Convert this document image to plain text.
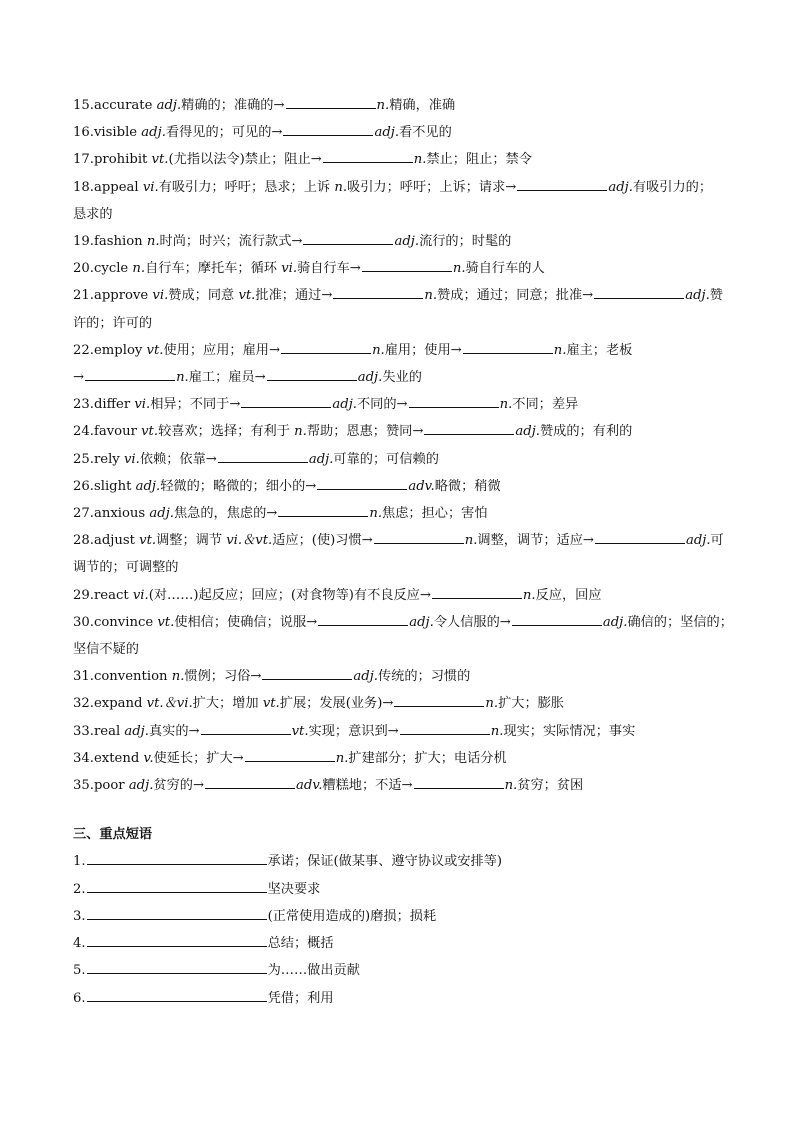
15.accurate adj.精确的；准确的→	n.精确，准确
16.visible adj.看得见的；可见的→	adj.看不见的
17.prohibit vt.(尤指以法令)禁止；阻止→	n.禁止；阻止；禁令
18.appeal vi.有吸引力；呼吁；恳求；上诉 n.吸引力；呼吁；上诉；请求→	adj.有吸引力的；
恳求的
19.fashion n.时尚；时兴；流行款式→	adj.流行的；时髦的
20.cycle n.自行车；摩托车；循环 vi.骑自行车→	n.骑自行车的人
21.approve vi.赞成；同意 vt.批准；通过→	n.赞成；通过；同意；批准→	adj.赞
许的；许可的
22.employ vt.使用；应用；雇用→	n.雇用；使用→	n.雇主；老板
→	n.雇工；雇员→	adj.失业的
23.differ vi.相异；不同于→	adj.不同的→	n.不同；差异
24.favour vt.较喜欢；选择；有利于 n.帮助；恩惠；赞同→	adj.赞成的；有利的
25.rely vi.依赖；依靠→	adj.可靠的；可信赖的
26.slight adj.轻微的；略微的；细小的→	adv.略微；稍微
27.anxious adj.焦急的，焦虑的→	n.焦虑；担心；害怕
28.adjust vt.调整；调节 vi.＆vt.适应；(使)习惯→	n.调整，调节；适应→	adj.可
调节的；可调整的
29.react vi.(对……)起反应；回应；(对食物等)有不良反应→	n.反应，回应
30.convince vt.使相信；使确信；说服→	adj.令人信服的→	adj.确信的；坚信的；
坚信不疑的
31.convention n.惯例；习俗→	adj.传统的；习惯的
32.expand vt.＆vi.扩大；增加 vt.扩展；发展(业务)→	n.扩大；膨胀
33.real adj.真实的→	vt.实现；意识到→	n.现实；实际情况；事实
34.extend v.使延长；扩大→	n.扩建部分；扩大；电话分机
35.poor adj.贫穷的→	adv.糟糕地；不适→	n.贫穷；贫困
三、重点短语
1.	承诺；保证(做某事、遵守协议或安排等)
2.	坚决要求
3.	(正常使用造成的)磨损；损耗
4.	总结；概括
5.	为……做出贡献
6.	凭借；利用
